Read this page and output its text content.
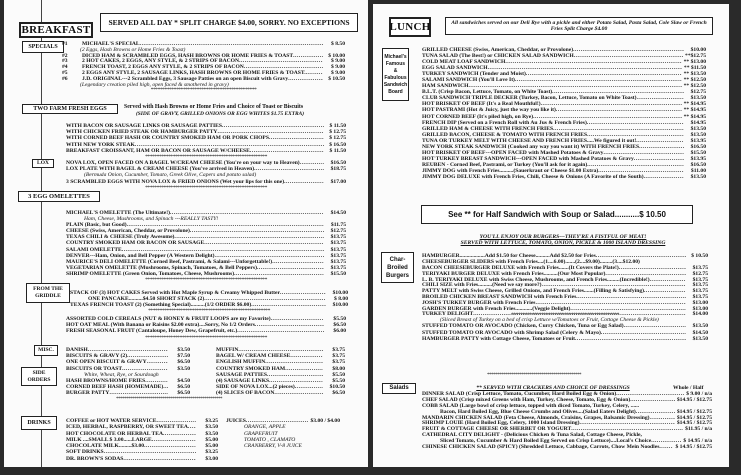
SERVED ALL DAY * SPLIT CHARGE $4.00, SORRY. NO EXCEPTIONS
BREAKFAST
SPECIALS #1	MICHAEL'S SPECIAL .....	$ 8.50
(2 Eggs, Hash Browns or Home Fries & Toast)
#2	DICED HAM & SCRAMBLED EGGS, HASH BROWNS OR HOME FRIES & TOAST .....	$ 10.00
#3	2 HOT CAKES, 2 EGGS, ANY STYLE, & 2 STRIPS OF BACON .....	$ 9.00
#4	FRENCH TOAST, 2 EGGS ANY STYLE, & 2 STRIPS OF BACON .....	$ 9.00
#5	2 EGGS ANY STYLE, 2 SAUSAGE LINKS, HASH BROWNS OR HOME FRIES & TOAST. .....	$ 9.00
#6	J.D. ORIGINAL---2 Scrambled Eggs, 3 Sausage Patties on an open Biscuit with Gravy .....	$ 10.50
(Legendary creation piled high, open faced & smothered in gravy)
**********************************************
TWO FARM FRESH EGGS	Served with Hash Browns or Home Fries and Choice of Toast or Biscuits
(SIDE OF GRAVY, GRILLED ONIONS OR EGG WHITES $1.75 EXTRA)
WITH BACON OR SAUSAGE LINKS OR SAUSAGE PATTIES .....	$ 11.50
WITH CHICKEN FRIED STEAK OR HAMBURGER PATTY .....	$ 12.75
WITH CORNED BEEF HASH OR COUNTRY SMOKED HAM OR PORK CHOPS .....	$ 12.75
WITH NEW YORK STEAK .....	$ 16.50
BREAKFAST CROISSANT, HAM OR BACON OR SAUSAGE W/CHEESE .....	$ 11.50
*****************************************************
LOX	NOVA LOX, OPEN FACED ON A BAGEL W/CREAM CHEESE (You're on your way to Heaven) .....	$16.50
LOX PLATE WITH BAGEL & CREAM CHEESE (You've arrived in Heaven) .....	$18.75
(Bermuda Onion, Cucumber, Tomato, Greek Olive, Capers and potato salad)
3 SCRAMBLED EGGS WITH NOVA LOX & FRIED ONIONS (Wet your lips for this one) .....	$17.00
*****************************************************
3 EGG OMELETTES
MICHAEL'S OMELETTE (The Ultimate!) .....	$14.50
Ham, Cheese, Mushrooms, and Spinach ---REALLY TASTY!
PLAIN (Basic, but Good) .....	$11.75
CHEESE (Swiss, American, Cheddar, or Provolone) .....	$12.75
TEXAS CHILI & CHEESE (Truly Awesome) .....	$13.75
COUNTRY SMOKED HAM OR BACON OR SAUSAGE .....	$13.75
SALAMI OMELETTE .....	$13.75
DENVER---Ham, Onion, and Bell Pepper (A Western Delight) .....	$13.75
MAURICE'S DELI OMELETTE (Corned Beef, Pastrami, & Salami---Unforgettable!) .....	$13.75
VEGETARIAN OMELETTE (Mushrooms, Spinach, Tomatoes, & Bell Peppers) .....	$13.75
SHRIMP OMELETTE (Green Onion, Tomatoes, Cheese, Mushrooms) .....	$15.50
*****************************************************
FROM THE GRIDDLE	STACK OF (3) HOT CAKES Served with Hot Maple Syrup & Creamy Whipped Butter .....	$10.00
ONE PANCAKE..........$4.50 SHORT STACK (2) .....	$ 8.00
TEXAS FRENCH TOAST (2) (Something Special)..........(1/2 ORDER $6.00) .....	$10.00
*****************************************************
ASSORTED COLD CEREALS (NUT & HONEY & FRUIT LOOPS are my Favorite) .....	$5.50
HOT OAT MEAL (With Banana or Raisins $2.00 extra)....Sorry, No 1/2 Orders .....	$6.50
FRESH SEASONAL FRUIT (Cantaloupe, Honey Dew, Grapefruit, etc.) .....	$6.00
*****************************************************
MISC.
SIDE ORDERS
DANISH .....	$3.50
BISCUITS & GRAVY (2) .....	$7.50
ONE OPEN BISCUIT & GRAVY .....	$6.50
BISCUITS OR TOAST .....	$3.50
White, Wheat, Rye, or Sourdough
HASH BROWNS/HOME FRIES .....	$4.50
CORNED BEEF HASH (HOMEMADE) .....	$6.50
BURGER PATTY .....	$6.50
MUFFIN .....	$3.75
BAGEL W/ CREAM CHEESE .....	$3.75
ENGLISH MUFFIN .....	$3.75
COUNTRY SMOKED HAM .....	$8.00
SAUSAGE PATTIES .....	$5.50
(4) SAUSAGE LINKS .....	$5.50
SIDE OF NOVA LOX...(2 pieces) .....	$10.50
(4) SLICES OF BACON .....	$6.50
*****************************************************
DRINKS	COFFEE or HOT WATER SERVICE .....	$3.25
ICED, HERBAL, RASPBERRY, OR SWEET TEA .....	$3.50
HOT CHOCOLATE OR HERBAL TEA .....	$3.50
MILK ....SMALL $ 3.00......LARGE .....	$5.00
CHOCOLATE MILK.........$3.00 .....	$5.00
SOFT DRINKS .....	$3.25
DR. BROWN'S SODAS .....	$3.00
JUICES .....	$3.00 / $4.00
ORANGE, APPLE
GRAPEFRUIT
TOMATO , CLAMATO
CRANBERRY, V-8 JUICE
LUNCH	All sandwiches served on our Deli Rye with a pickle and either Potato Salad, Pasta Salad, Cole Slaw or French Fries Split Charge $4.00
Michael's Famous & Fabulous Sandwich Board
GRILLED CHEESE (Swiss, American, Cheddar, or Provolone) .....	$10.00
TUNA SALAD (The Best!) or CHICKEN SALAD SANDWICH .....	**$12.75
COLD MEAT LOAF SANDWICH .....	** $13.00
EGG SALAD SANDWICH .....	** $11.50
TURKEY SANDWICH (Tender and Moist) .....	** $13.50
SALAMI SANDWICH (You'll Love It) .....	** $12.50
HAM SANDWICH .....	** $12.50
B.L.T. (Crisp Bacon, Lettuce, Tomato, on White Toast) .....	$12.75
CLUB SANDWICH TRIPLE DECKER (Turkey, Bacon, Lettuce, Tomato on White Toast) .....	$13.50
HOT BRISKET OF BEEF (It's a Real Mouthful!) .....	** $14.95
HOT PASTRAMI (Hot & Juicy, just the way you like it) .....	** $14.95
HOT CORNED BEEF (It's piled high, on Rye) .....	** $14.95
FRENCH DIP (Served on a French Roll with Au Jus & French Fries) .....	$14.95
GRILLED HAM & CHEESE WITH FRENCH FRIES .....	$13.50
GRILLED BACON, CHEESE & TOMATO WITH FRENCH FRIES .....	$13.50
TUNA OR TURKEY MELT WITH CHEESE AND FRENCH FRIES.....We figured it out! .....	$13.95
NEW YORK STEAK SANDWICH (Cooked any way you want it) WITH FRENCH FRIES .....	$16.50
HOT BRISKET OF BEEF---OPEN FACED with Mashed Potatoes & Gravy .....	$15.50
HOT TURKEY BREAST SANDWICH---OPEN FACED with Mashed Potatoes & Gravy .....	$13.95
REUBEN - Corned Beef, Pastrami, or Turkey (You'll ask for it again) .....	$16.50
JIMMY DOG with French Fries..........(Sauerkraut or Cheese $1.00 Extra) .....	$11.00
JIMMY DOG DELUXE with French Fries, Chili, Cheese & Onions (A Favorite of the South) .....	$13.50
See ** for Half Sandwich with Soup or Salad...........$ 10.50
YOU'LL ENJOY OUR BURGERS---THEY'RE A FISTFUL OF MEAT!
SERVED WITH LETTUCE, TOMATO, ONION, PICKLE & 1000 ISLAND DRESSING
Char-Broiled Burgers
HAMBURGER..................Add $1.50 for Cheese..........Add $2.50 for Fries .....	$ 10.50
CHEESEBURGER SLIDERS with French Fries....(1....6.00).......(2....$9.00).........(3....$12.00)
BACON CHEESEBURGER DELUXE with French Fries.......(It Covers the Plate!) .....	$13.75
TERIYAKI BURGER DELUXE with French Fries..........(Our Most Popular) .....	$12.75
L. B. TERIYAKI DELUXE with Swiss Cheese, Mushrooms, and French Fries.........(Incredible!) .....	$13.75
CHILI SIZE with Fries..........(Need we say more?) .....	$13.75
PATTY MELT with Swiss Cheese, Grilled Onions, and French Fries.......(Filling & Satisfying) .....	$13.75
BROILED CHICKEN BREAST SANDWICH with French Fries .....	$13.75
JOSH'S TURKEY BURGER with French Fries .....	$13.00
GARDEN BURGER with French Fries............(Veggie Delight) .....	$13.00
***********************************************
TURKEY DELIGHT .....	$14.00
(Sliced Breast of Turkey on a bed of crisp Lettuce w/Tomatoes or Fruit, Cottage Cheese & Pickle)
STUFFED TOMATO OR AVOCADO (Chicken, Curry Chicken, Tuna or Egg Salad) .....	$13.50
STUFFED TOMATO OR AVOCADO with Shrimp Salad (Celery & Mayo) .....	$14.50
HAMBURGER PATTY with Cottage Cheese, Tomatoes or Fruit .....	$13.50
***********************************************
** SERVED WITH CRACKERS AND CHOICE OF DRESSINGS	Whole / Half
Salads
DINNER SALAD (Crisp Lettuce, Tomato, Cucumber, Hard Boiled Egg & Onion) .....	$ 9.00 / n/a
CHEF SALAD (Crisp mixed Greens with Ham, Turkey, Cheese, Tomato, Egg & Onion) .....	$14.95 / $12.75
COBB SALAD (Large bowl of crisp lettuce, topped with diced Tomato, Turkey, Celery, ......
Bacon, Hard Boiled Egg, Blue Cheese Crumbs and Olives....(Salad Eaters Delight) .....	$14.95 / $12.75
MANDARIN CHICKEN SALAD (Feta Cheese, Almonds, Craisins, Grapes, Balsamic Dressing) .....	$14.95 / $12.75
SHRIMP LOUIE (Hard Boiled Egg, Celery, 1000 Island Dressing) .....	$14.95 / $12.75
FRUIT & COTTAGE CHEESE OR SHERBET OR YOGURT .....	$11.95 / n/a
CATHEDRAL CITY DELIGHT - (Delicious Chicken & Tuna Salad, Cottage Cheese, Pickle,
Sliced Tomato, Cucumber & Hard Boiled Egg Served on Crisp Lettuce)....Local's Choice .....	$ 14.95 / n/a
CHINESE CHICKEN SALAD (SPICY) (Shredded Lettuce, Cabbage, Carrots, Chow Mein Noodles .....	$ 14.95 / $12.75
